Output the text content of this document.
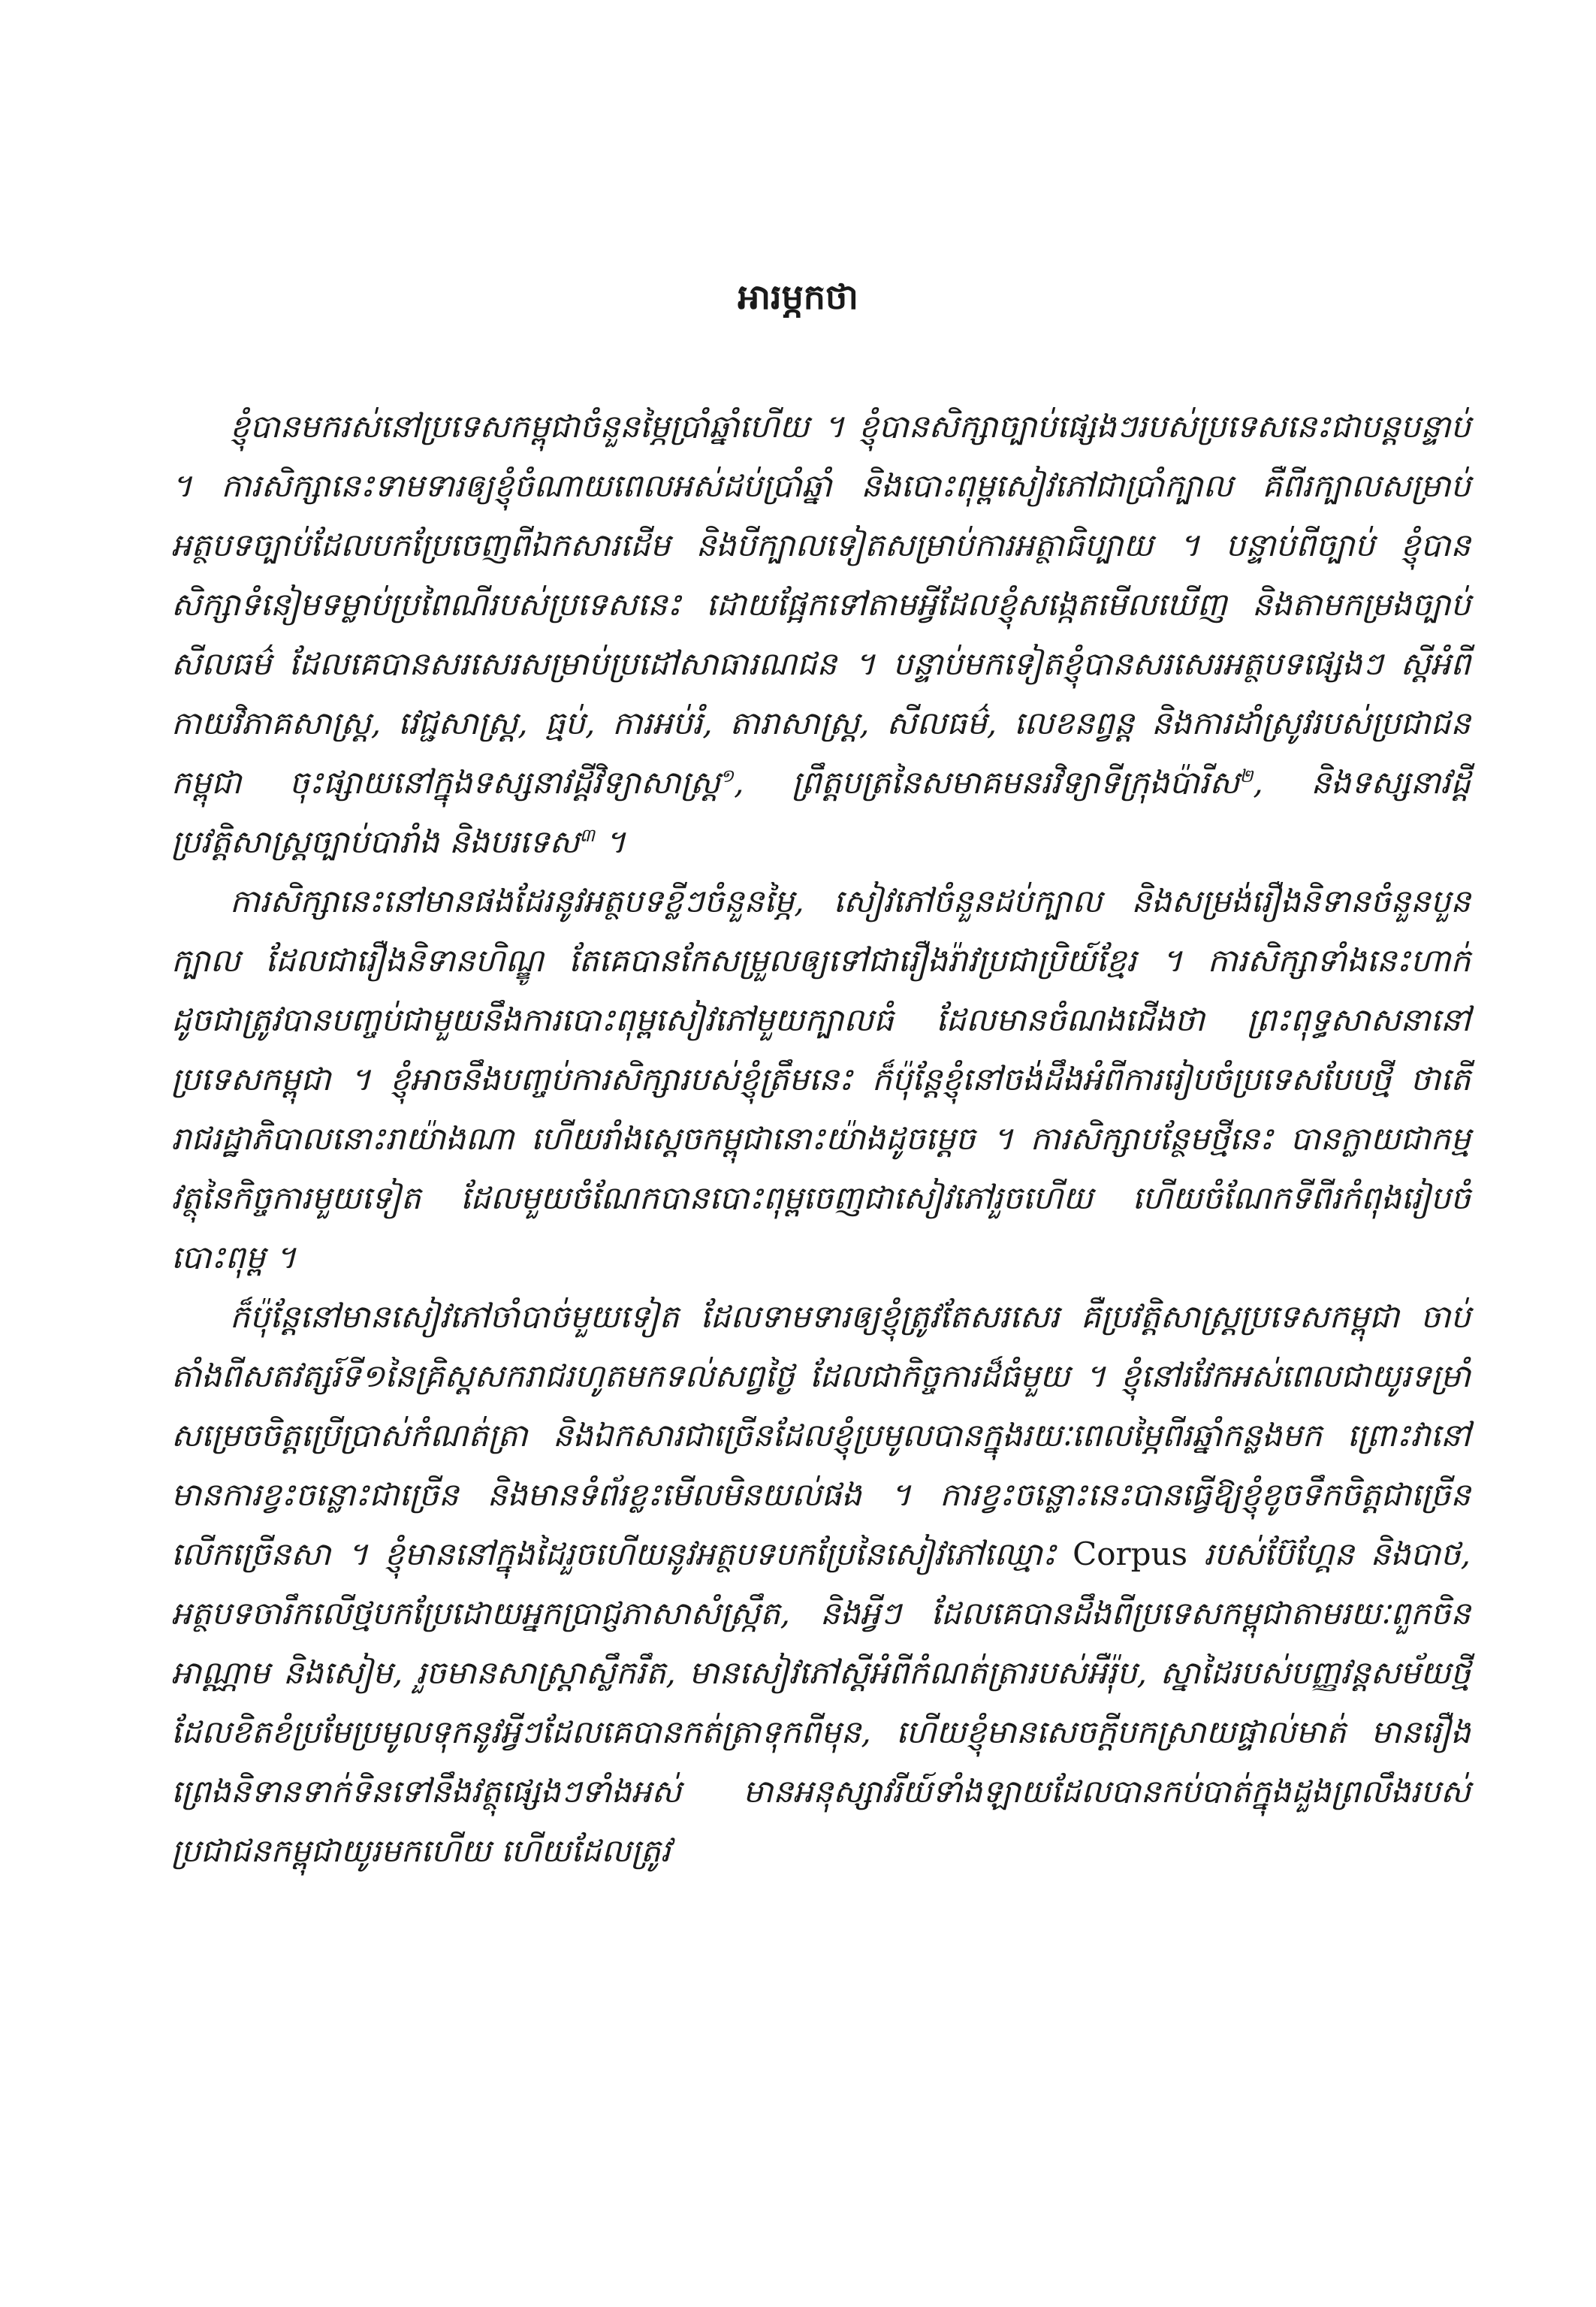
អារម្ភកថា

ខ្ញុំបានមករស់នៅប្រទេសកម្ពុជាចំនួនម្ភៃប្រាំឆ្នាំហើយ ។ ខ្ញុំបានសិក្សាច្បាប់ផ្សេងៗរបស់ប្រទេសនេះជាបន្តបន្ទាប់ ។ ការសិក្សានេះទាមទារឲ្យខ្ញុំចំណាយពេលអស់ដប់ប្រាំឆ្នាំ និងបោះពុម្ពសៀវភៅជាប្រាំក្បាល គឺពីរក្បាលសម្រាប់អត្ថបទច្បាប់ដែលបកប្រែចេញពីឯកសារដើម និងបីក្បាលទៀតសម្រាប់ការអត្ថាធិប្បាយ ។ បន្ទាប់ពីច្បាប់ ខ្ញុំបានសិក្សាទំនៀមទម្លាប់ប្រពៃណីរបស់ប្រទេសនេះ ដោយផ្អែកទៅតាមអ្វីដែលខ្ញុំសង្កេតមើលឃើញ និងតាមកម្រងច្បាប់សីលធម៌ ដែលគេបានសរសេរសម្រាប់ប្រដៅសាធារណជន ។ បន្ទាប់មកទៀតខ្ញុំបានសរសេរអត្ថបទផ្សេងៗ ស្តីអំពីកាយវិភាគសាស្ត្រ, វេជ្ជសាស្ត្រ, ធ្មប់, ការអប់រំ, តារាសាស្ត្រ, សីលធម៌, លេខនព្វន្ត និងការដាំស្រូវរបស់ប្រជាជនកម្ពុជា ចុះផ្សាយនៅក្នុងទស្សនាវដ្តីវិទ្យាសាស្ត្រ$^១$, ព្រឹត្តបត្រនៃសមាគមនរវិទ្យាទីក្រុងប៉ារីស$^២$, និងទស្សនាវដ្តីប្រវត្តិសាស្ត្រច្បាប់បារាំង និងបរទេស$^៣$ ។

ការសិក្សានេះនៅមានផងដែរនូវអត្ថបទខ្លីៗចំនួនម្ភៃ, សៀវភៅចំនួនដប់ក្បាល និងសម្រង់រឿងនិទានចំនួនបួនក្បាល ដែលជារឿងនិទានហិណ្ឌូ តែគេបានកែសម្រួលឲ្យទៅជារឿងរ៉ាវប្រជាប្រិយ៍ខ្មែរ ។ ការសិក្សាទាំងនេះហាក់ដូចជាត្រូវបានបញ្ចប់ជាមួយនឹងការបោះពុម្ពសៀវភៅមួយក្បាលធំ ដែលមានចំណងជើងថា ព្រះពុទ្ធសាសនានៅប្រទេសកម្ពុជា ។ ខ្ញុំអាចនឹងបញ្ចប់ការសិក្សារបស់ខ្ញុំត្រឹមនេះ ក៏ប៉ុន្តែខ្ញុំនៅចង់ដឹងអំពីការរៀបចំប្រទេសបែបថ្មី ថាតើរាជរដ្ឋាភិបាលនោះរាយ៉ាងណា ហើយរាំងស្តេចកម្ពុជានោះយ៉ាងដូចម្តេច ។ ការសិក្សាបន្ថែមថ្មីនេះ បានក្លាយជាកម្មវត្ថុនៃកិច្ចការមួយទៀត ដែលមួយចំណែកបានបោះពុម្ពចេញជាសៀវភៅរួចហើយ ហើយចំណែកទីពីរកំពុងរៀបចំបោះពុម្ព ។

ក៏ប៉ុន្តែនៅមានសៀវភៅចាំបាច់មួយទៀត ដែលទាមទារឲ្យខ្ញុំត្រូវតែសរសេរ គឺប្រវត្តិសាស្ត្រប្រទេសកម្ពុជា ចាប់តាំងពីសតវត្សរ៍ទី១នៃគ្រិស្តសករាជរហូតមកទល់សព្វថ្ងៃ ដែលជាកិច្ចការដ៏ធំមួយ ។ ខ្ញុំនៅរវែកអស់ពេលជាយូរទម្រាំសម្រេចចិត្តប្រើប្រាស់កំណត់ត្រា និងឯកសារជាច្រើនដែលខ្ញុំប្រមូលបានក្នុងរយៈពេលម្ភៃពីរឆ្នាំកន្លងមក ព្រោះវានៅមានការខ្វះចន្លោះជាច្រើន និងមានទំព័រខ្លះមើលមិនយល់ផង ។ ការខ្វះចន្លោះនេះបានធ្វើឱ្យខ្ញុំខូចទឹកចិត្តជាច្រើនលើកច្រើនសា ។ ខ្ញុំមាននៅក្នុងដៃរួចហើយនូវអត្ថបទបកប្រែនៃសៀវភៅឈ្មោះ Corpus របស់ប៊ែហ្គែន និងបាថ, អត្ថបទចារឹកលើថ្មបកប្រែដោយអ្នកប្រាជ្ញភាសាសំស្ក្រឹត, និងអ្វីៗ ដែលគេបានដឹងពីប្រទេសកម្ពុជាតាមរយៈពួកចិន អាណ្ណាម និងសៀម, រួចមានសាស្ត្រាស្លឹករឹត, មានសៀវភៅស្តីអំពីកំណត់ត្រារបស់អឺរ៉ុប, ស្នាដៃរបស់បញ្ញវន្តសម័យថ្មីដែលខិតខំប្រមែប្រមូលទុកនូវអ្វីៗដែលគេបានកត់ត្រាទុកពីមុន, ហើយខ្ញុំមានសេចក្តីបកស្រាយផ្ទាល់មាត់ មានរឿងព្រេងនិទានទាក់ទិនទៅនឹងវត្ថុផ្សេងៗទាំងអស់ មានអនុស្សាវរីយ៍ទាំងឡាយដែលបានកប់បាត់ក្នុងដួងព្រលឹងរបស់ប្រជាជនកម្ពុជាយូរមកហើយ ហើយដែលត្រូវ
